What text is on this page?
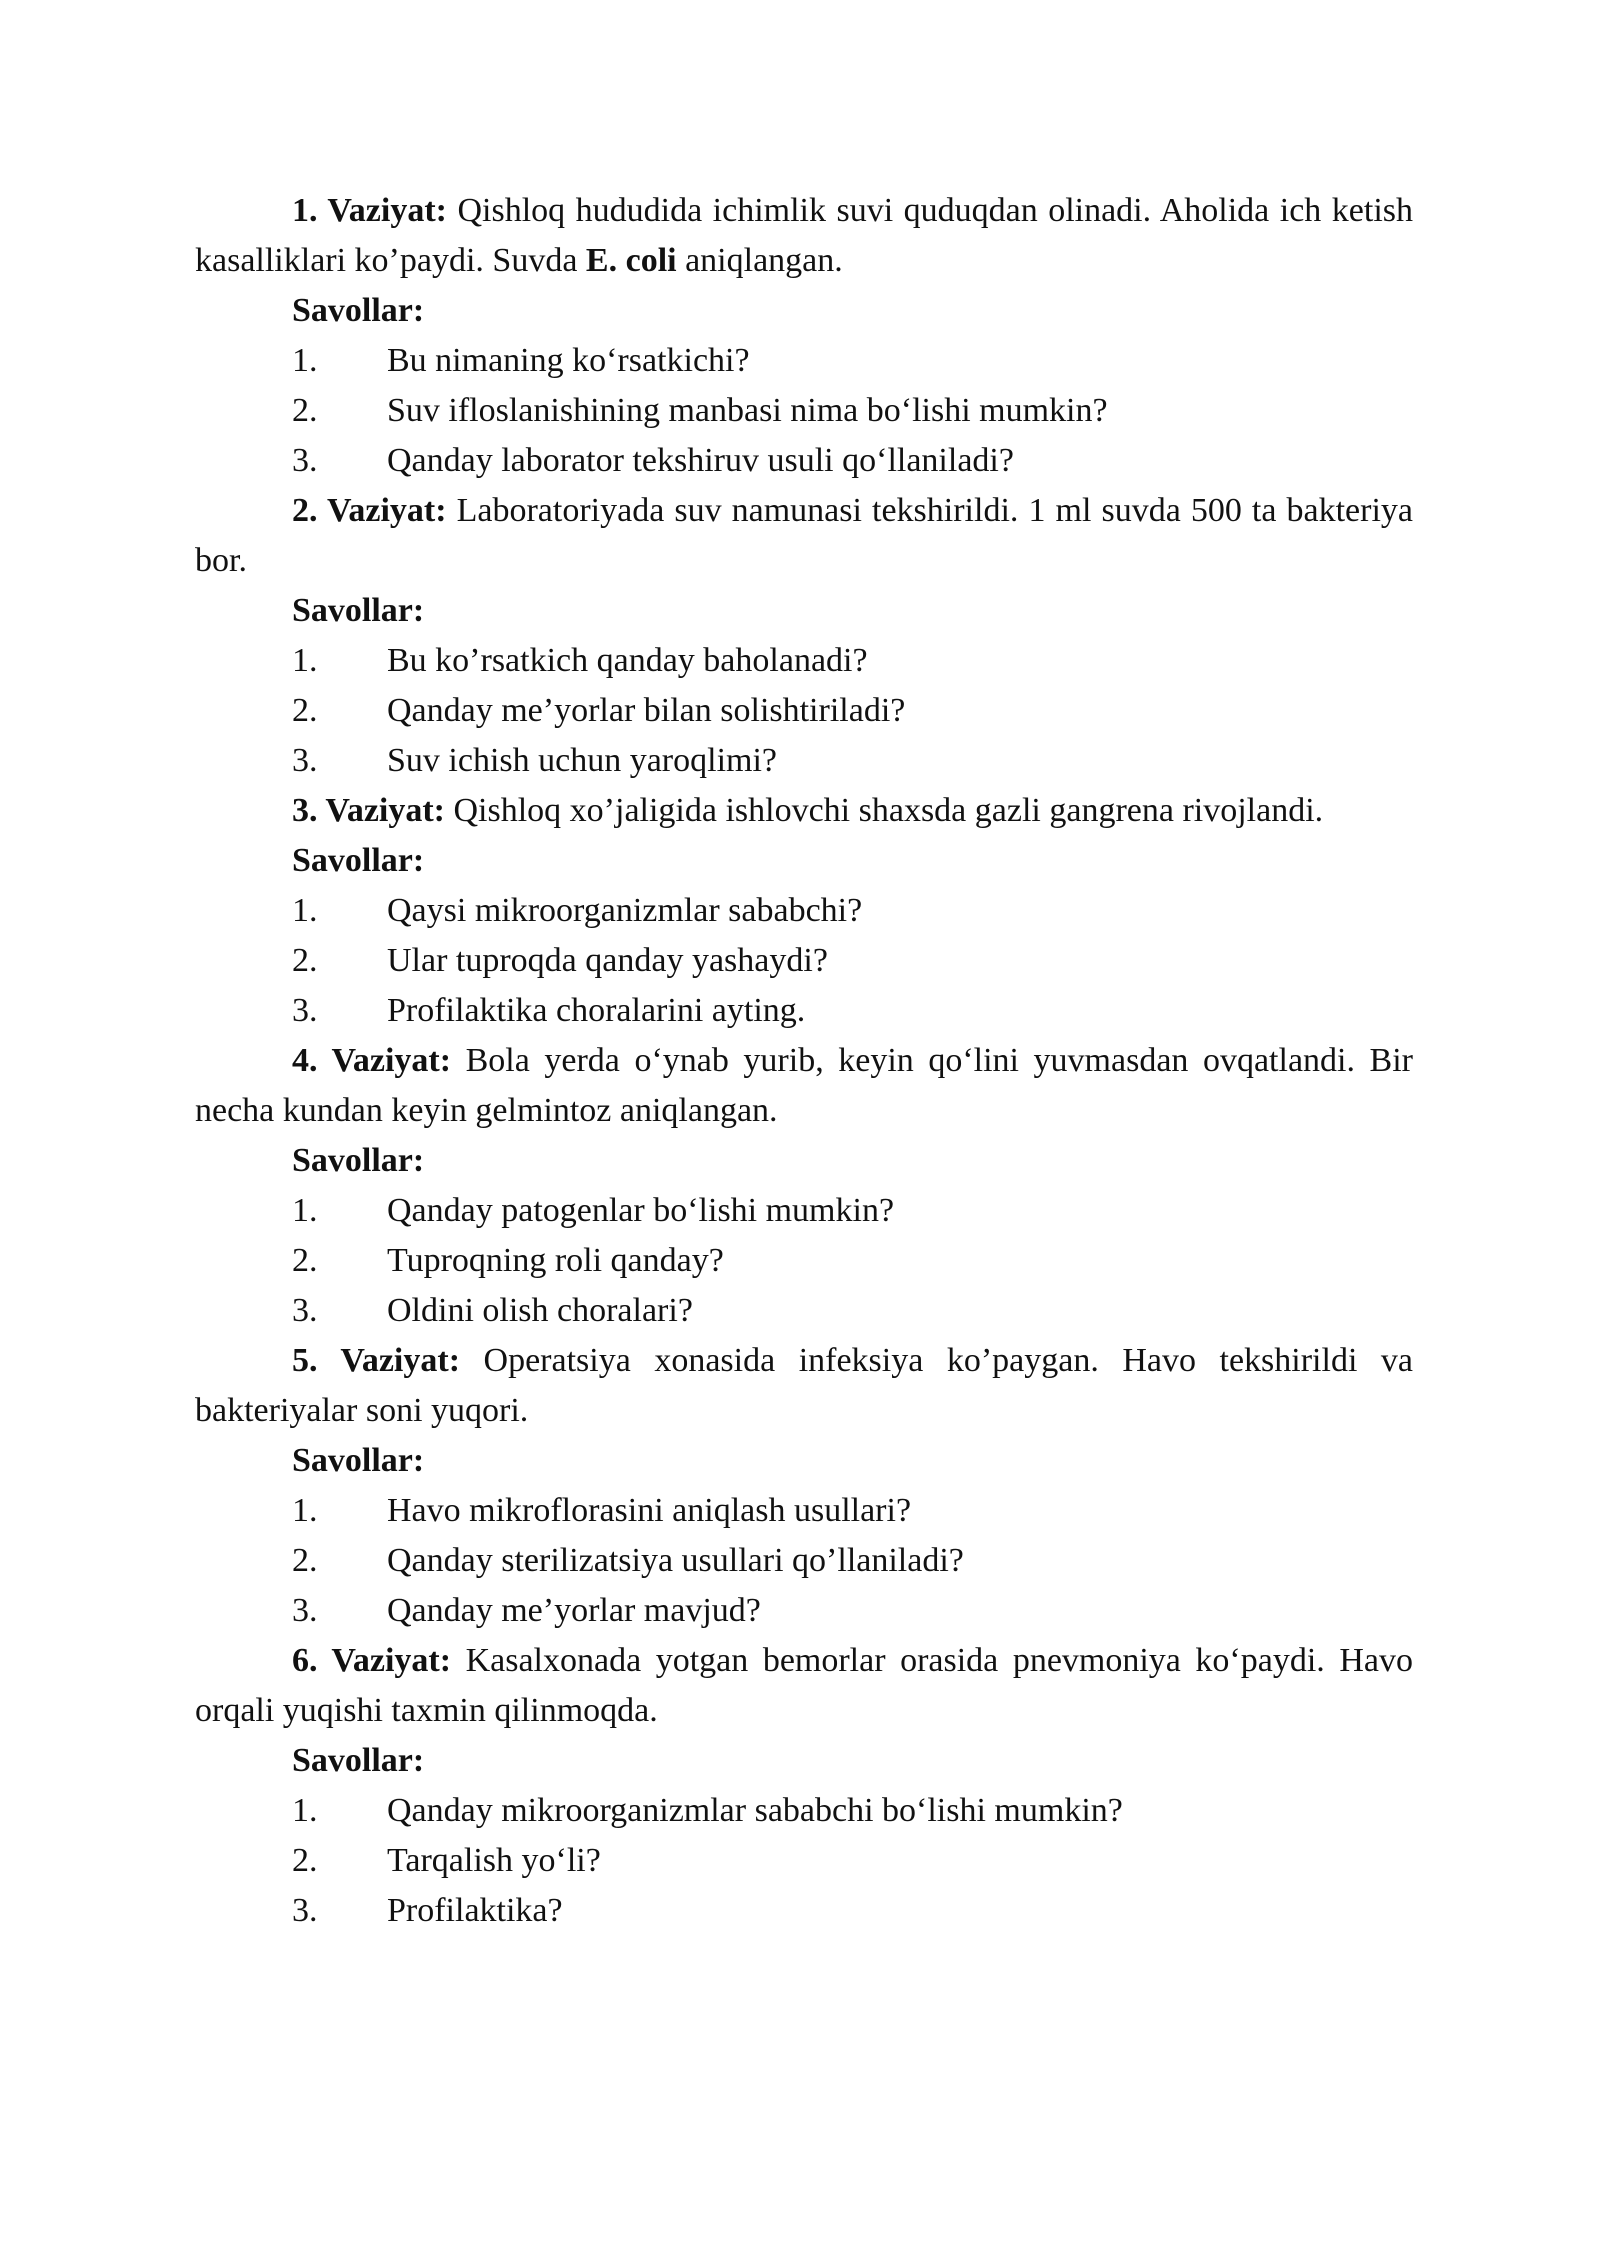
1. Vaziyat: Qishloq hududida ichimlik suvi quduqdan olinadi. Aholida ich ketish kasalliklari ko’paydi. Suvda E. coli aniqlangan.

Savollar:

1.	Bu nimaning ko‘rsatkichi?
2.	Suv ifloslanishining manbasi nima bo‘lishi mumkin?
3.	Qanday laborator tekshiruv usuli qo‘llaniladi?

2. Vaziyat: Laboratoriyada suv namunasi tekshirildi. 1 ml suvda 500 ta bakteriya bor.

Savollar:

1.	Bu ko’rsatkich qanday baholanadi?
2.	Qanday me’yorlar bilan solishtiriladi?
3.	Suv ichish uchun yaroqlimi?

3. Vaziyat: Qishloq xo’jaligida ishlovchi shaxsda gazli gangrena rivojlandi.

Savollar:

1.	Qaysi mikroorganizmlar sababchi?
2.	Ular tuproqda qanday yashaydi?
3.	Profilaktika choralarini ayting.

4. Vaziyat: Bola yerda o‘ynab yurib, keyin qo‘lini yuvmasdan ovqatlandi. Bir necha kundan keyin gelmintoz aniqlangan.

Savollar:

1.	Qanday patogenlar bo‘lishi mumkin?
2.	Tuproqning roli qanday?
3.	Oldini olish choralari?

5. Vaziyat: Operatsiya xonasida infeksiya ko’paygan. Havo tekshirildi va bakteriyalar soni yuqori.

Savollar:

1.	Havo mikroflorasini aniqlash usullari?
2.	Qanday sterilizatsiya usullari qo’llaniladi?
3.	Qanday me’yorlar mavjud?

6. Vaziyat: Kasalxonada yotgan bemorlar orasida pnevmoniya ko‘paydi. Havo orqali yuqishi taxmin qilinmoqda.

Savollar:

1.	Qanday mikroorganizmlar sababchi bo‘lishi mumkin?
2.	Tarqalish yo‘li?
3.	Profilaktika?
